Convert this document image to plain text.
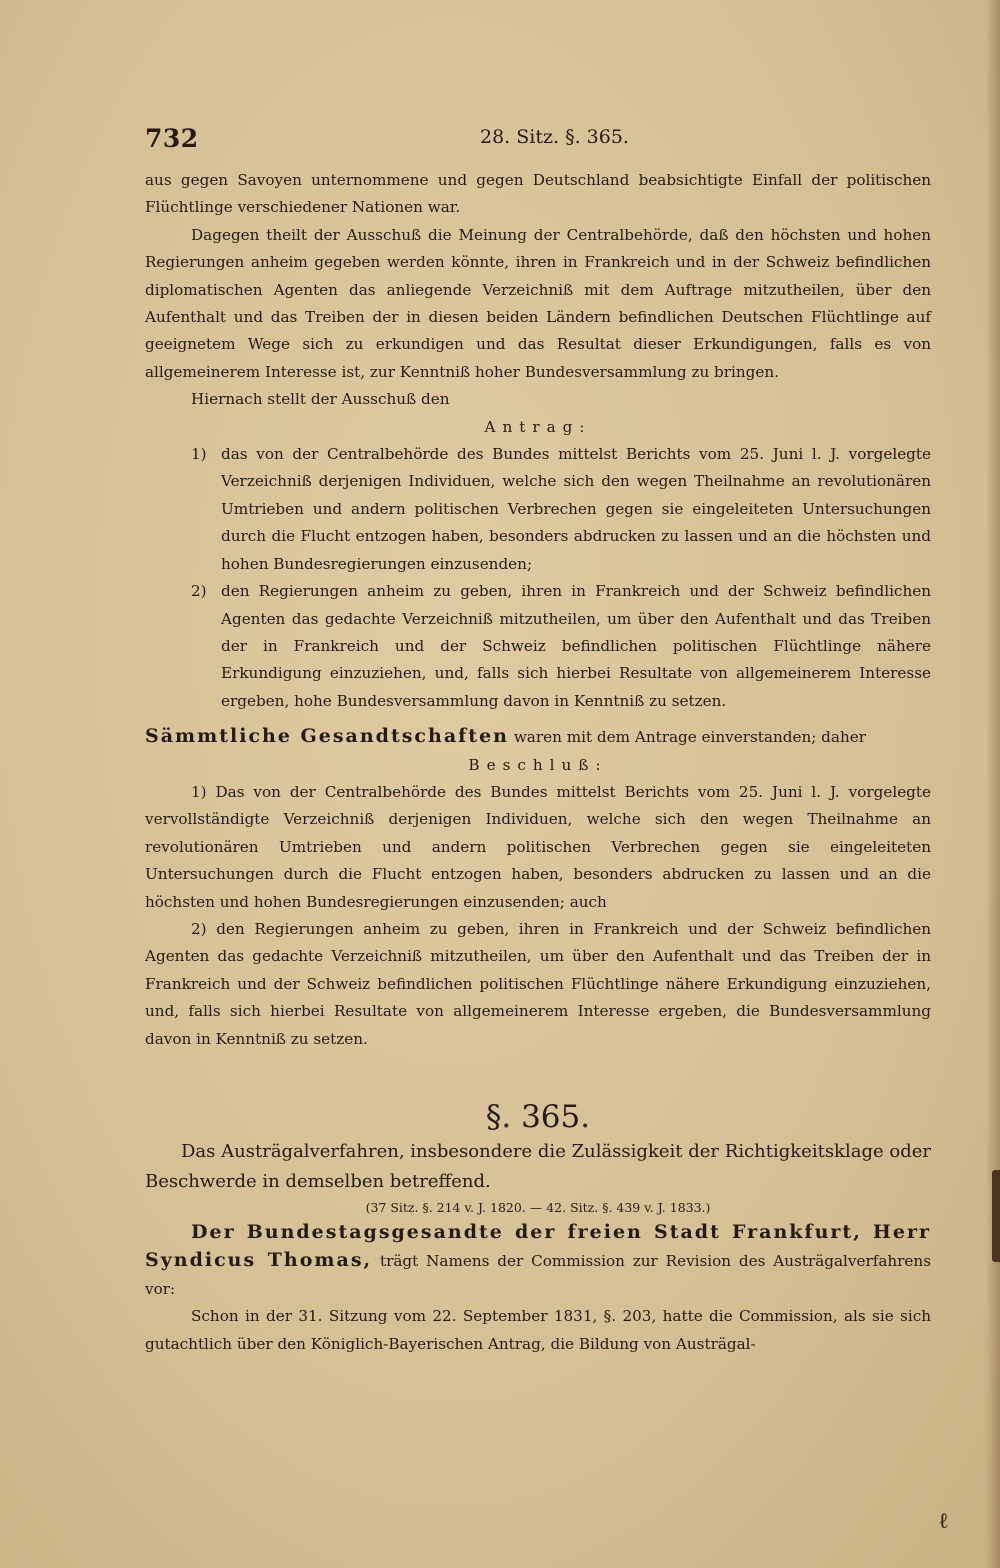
732	28. Sitz. §. 365.

aus gegen Savoyen unternommene und gegen Deutschland beabsichtigte Einfall der politischen Flüchtlinge verschiedener Nationen war.

Dagegen theilt der Ausschuß die Meinung der Centralbehörde, daß den höchsten und hohen Regierungen anheim gegeben werden könnte, ihren in Frankreich und in der Schweiz befindlichen diplomatischen Agenten das anliegende Verzeichniß mit dem Auftrage mitzutheilen, über den Aufenthalt und das Treiben der in diesen beiden Ländern befindlichen Deutschen Flüchtlinge auf geeignetem Wege sich zu erkundigen und das Resultat dieser Erkundigungen, falls es von allgemeinerem Interesse ist, zur Kenntniß hoher Bundesversammlung zu bringen.

Hiernach stellt der Ausschuß den

Antrag:

1) das von der Centralbehörde des Bundes mittelst Berichts vom 25. Juni l. J. vorgelegte Verzeichniß derjenigen Individuen, welche sich den wegen Theilnahme an revolutionären Umtrieben und andern politischen Verbrechen gegen sie eingeleiteten Untersuchungen durch die Flucht entzogen haben, besonders abdrucken zu lassen und an die höchsten und hohen Bundesregierungen einzusenden;

2) den Regierungen anheim zu geben, ihren in Frankreich und der Schweiz befindlichen Agenten das gedachte Verzeichniß mitzutheilen, um über den Aufenthalt und das Treiben der in Frankreich und der Schweiz befindlichen politischen Flüchtlinge nähere Erkundigung einzuziehen, und, falls sich hierbei Resultate von allgemeinerem Interesse ergeben, hohe Bundesversammlung davon in Kenntniß zu setzen.

Sämmtliche Gesandtschaften waren mit dem Antrage einverstanden; daher

Beschluß:

1) Das von der Centralbehörde des Bundes mittelst Berichts vom 25. Juni l. J. vorgelegte vervollständigte Verzeichniß derjenigen Individuen, welche sich den wegen Theilnahme an revolutionären Umtrieben und andern politischen Verbrechen gegen sie eingeleiteten Untersuchungen durch die Flucht entzogen haben, besonders abdrucken zu lassen und an die höchsten und hohen Bundesregierungen einzusenden; auch

2) den Regierungen anheim zu geben, ihren in Frankreich und der Schweiz befindlichen Agenten das gedachte Verzeichniß mitzutheilen, um über den Aufenthalt und das Treiben der in Frankreich und der Schweiz befindlichen politischen Flüchtlinge nähere Erkundigung einzuziehen, und, falls sich hierbei Resultate von allgemeinerem Interesse ergeben, die Bundesversammlung davon in Kenntniß zu setzen.

§. 365.

Das Austrägalverfahren, insbesondere die Zulässigkeit der Richtigkeitsklage oder Beschwerde in demselben betreffend.

(37 Sitz. §. 214 v. J. 1820. — 42. Sitz. §. 439 v. J. 1833.)

Der Bundestagsgesandte der freien Stadt Frankfurt, Herr Syndicus Thomas, trägt Namens der Commission zur Revision des Austrägalverfahrens vor:

Schon in der 31. Sitzung vom 22. September 1831, §. 203, hatte die Commission, als sie sich gutachtlich über den Königlich-Bayerischen Antrag, die Bildung von Austrägal-

ℓ
